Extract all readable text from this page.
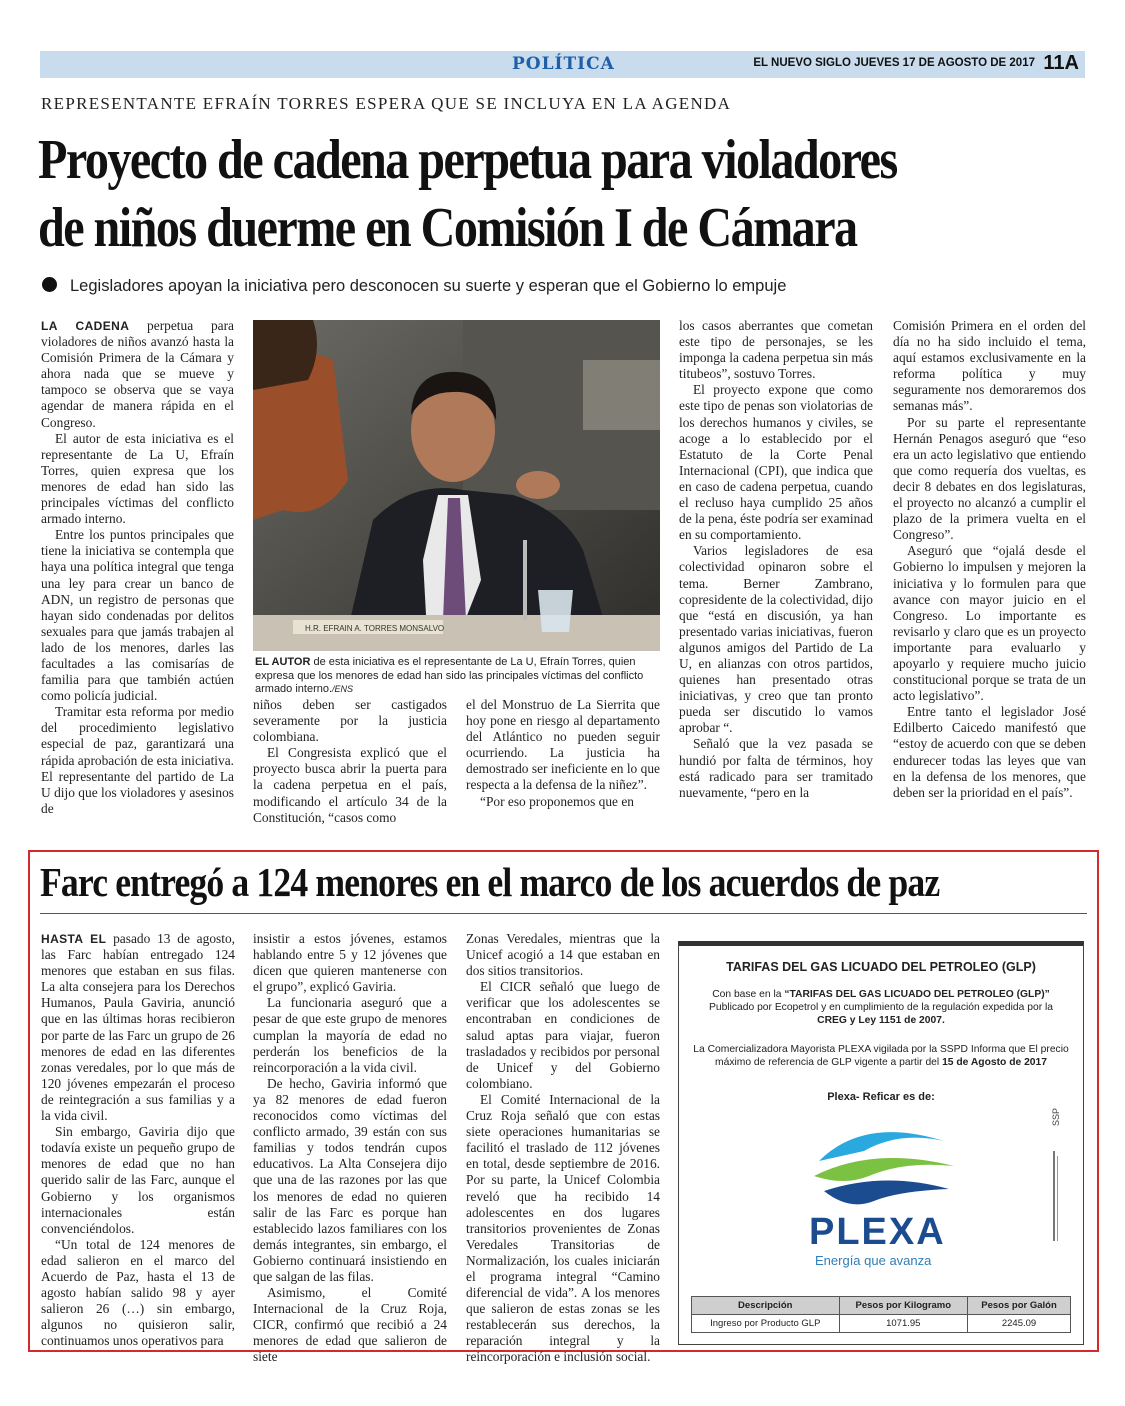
POLÍTICA	EL NUEVO SIGLO JUEVES 17 DE AGOSTO DE 2017 11A
REPRESENTANTE EFRAÍN TORRES ESPERA QUE SE INCLUYA EN LA AGENDA
Proyecto de cadena perpetua para violadores
de niños duerme en Comisión I de Cámara
Legisladores apoyan la iniciativa pero desconocen su suerte y esperan que el Gobierno lo empuje

LA CADENA perpetua para violadores de niños avanzó hasta la Comisión Primera de la Cámara y ahora nada que se mueve y tampoco se observa que se vaya agendar de manera rápida en el Congreso.

El autor de esta iniciativa es el representante de La U, Efraín Torres, quien expresa que los menores de edad han sido las principales víctimas del conflicto armado interno.

Entre los puntos principales que tiene la iniciativa se contempla que haya una política integral que tenga una ley para crear un banco de ADN, un registro de personas que hayan sido condenadas por delitos sexuales para que jamás trabajen al lado de los menores, darles las facultades a las comisarías de familia para que también actúen como policía judicial.

Tramitar esta reforma por medio del procedimiento legislativo especial de paz, garantizará una rápida aprobación de esta iniciativa. El representante del partido de La U dijo que los violadores y asesinos de

H.R. EFRAIN A. TORRES MONSALVO
EL AUTOR de esta iniciativa es el representante de La U, Efraín Torres, quien expresa que los menores de edad han sido las principales víctimas del conflicto armado interno./ENS

niños deben ser castigados severamente por la justicia colombiana.

El Congresista explicó que el proyecto busca abrir la puerta para la cadena perpetua en el país, modificando el artículo 34 de la Constitución, “casos como

el del Monstruo de La Sierrita que hoy pone en riesgo al departamento del Atlántico no pueden seguir ocurriendo. La justicia ha demostrado ser ineficiente en lo que respecta a la defensa de la niñez”.

“Por eso proponemos que en

los casos aberrantes que cometan este tipo de personajes, se les imponga la cadena perpetua sin más titubeos”, sostuvo Torres.

El proyecto expone que como este tipo de penas son violatorias de los derechos humanos y civiles, se acoge a lo establecido por el Estatuto de la Corte Penal Internacional (CPI), que indica que en caso de cadena perpetua, cuando el recluso haya cumplido 25 años de la pena, éste podría ser examinad en su comportamiento.

Varios legisladores de esa colectividad opinaron sobre el tema. Berner Zambrano, copresidente de la colectividad, dijo que “está en discusión, ya han presentado varias iniciativas, fueron algunos amigos del Partido de La U, en alianzas con otros partidos, quienes han presentado otras iniciativas, y creo que tan pronto pueda ser discutido lo vamos aprobar “.

Señaló que la vez pasada se hundió por falta de términos, hoy está radicado para ser tramitado nuevamente, “pero en la

Comisión Primera en el orden del día no ha sido incluido el tema, aquí estamos exclusivamente en la reforma política y muy seguramente nos demoraremos dos semanas más”.

Por su parte el representante Hernán Penagos aseguró que “eso era un acto legislativo que entiendo que como requería dos vueltas, es decir 8 debates en dos legislaturas, el proyecto no alcanzó a cumplir el plazo de la primera vuelta en el Congreso”.

Aseguró que “ojalá desde el Gobierno lo impulsen y mejoren la iniciativa y lo formulen para que avance con mayor juicio en el Congreso. Lo importante es revisarlo y claro que es un proyecto importante para evaluarlo y apoyarlo y requiere mucho juicio constitucional porque se trata de un acto legislativo”.

Entre tanto el legislador José Edilberto Caicedo manifestó que “estoy de acuerdo con que se deben endurecer todas las leyes que van en la defensa de los menores, que deben ser la prioridad en el país”.

Farc entregó a 124 menores en el marco de los acuerdos de paz

HASTA EL pasado 13 de agosto, las Farc habían entregado 124 menores que estaban en sus filas. La alta consejera para los Derechos Humanos, Paula Gaviria, anunció que en las últimas horas recibieron por parte de las Farc un grupo de 26 menores de edad en las diferentes zonas veredales, por lo que más de 120 jóvenes empezarán el proceso de reintegración a sus familias y a la vida civil.

Sin embargo, Gaviria dijo que todavía existe un pequeño grupo de menores de edad que no han querido salir de las Farc, aunque el Gobierno y los organismos internacionales están convenciéndolos.

“Un total de 124 menores de edad salieron en el marco del Acuerdo de Paz, hasta el 13 de agosto habían salido 98 y ayer salieron 26 (…) sin embargo, algunos no quisieron salir, continuamos unos operativos para

insistir a estos jóvenes, estamos hablando entre 5 y 12 jóvenes que dicen que quieren mantenerse con el grupo”, explicó Gaviria.

La funcionaria aseguró que a pesar de que este grupo de menores cumplan la mayoría de edad no perderán los beneficios de la reincorporación a la vida civil.

De hecho, Gaviria informó que ya 82 menores de edad fueron reconocidos como víctimas del conflicto armado, 39 están con sus familias y todos tendrán cupos educativos. La Alta Consejera dijo que una de las razones por las que los menores de edad no quieren salir de las Farc es porque han establecido lazos familiares con los demás integrantes, sin embargo, el Gobierno continuará insistiendo en que salgan de las filas.

Asimismo, el Comité Internacional de la Cruz Roja, CICR, confirmó que recibió a 24 menores de edad que salieron de siete

Zonas Veredales, mientras que la Unicef acogió a 14 que estaban en dos sitios transitorios.

El CICR señaló que luego de verificar que los adolescentes se encontraban en condiciones de salud aptas para viajar, fueron trasladados y recibidos por personal de Unicef y del Gobierno colombiano.

El Comité Internacional de la Cruz Roja señaló que con estas siete operaciones humanitarias se facilitó el traslado de 112 jóvenes en total, desde septiembre de 2016. Por su parte, la Unicef Colombia reveló que ha recibido 14 adolescentes en dos lugares transitorios provenientes de Zonas Veredales Transitorias de Normalización, los cuales iniciarán el programa integral “Camino diferencial de vida”. A los menores que salieron de estas zonas se les restablecerán sus derechos, la reparación integral y la reincorporación e inclusión social.

TARIFAS DEL GAS LICUADO DEL PETROLEO (GLP)
Con base en la “TARIFAS DEL GAS LICUADO DEL PETROLEO (GLP)” Publicado por Ecopetrol y en cumplimiento de la regulación expedida por la CREG y Ley 1151 de 2007.
La Comercializadora Mayorista PLEXA vigilada por la SSPD Informa que El precio máximo de referencia de GLP vigente a partir del 15 de Agosto de 2017
Plexa- Reficar es de:
PLEXA
Energía que avanza
SSP
Descripción	Pesos por Kilogramo	Pesos por Galón
Ingreso por Producto GLP	1071.95	2245.09
